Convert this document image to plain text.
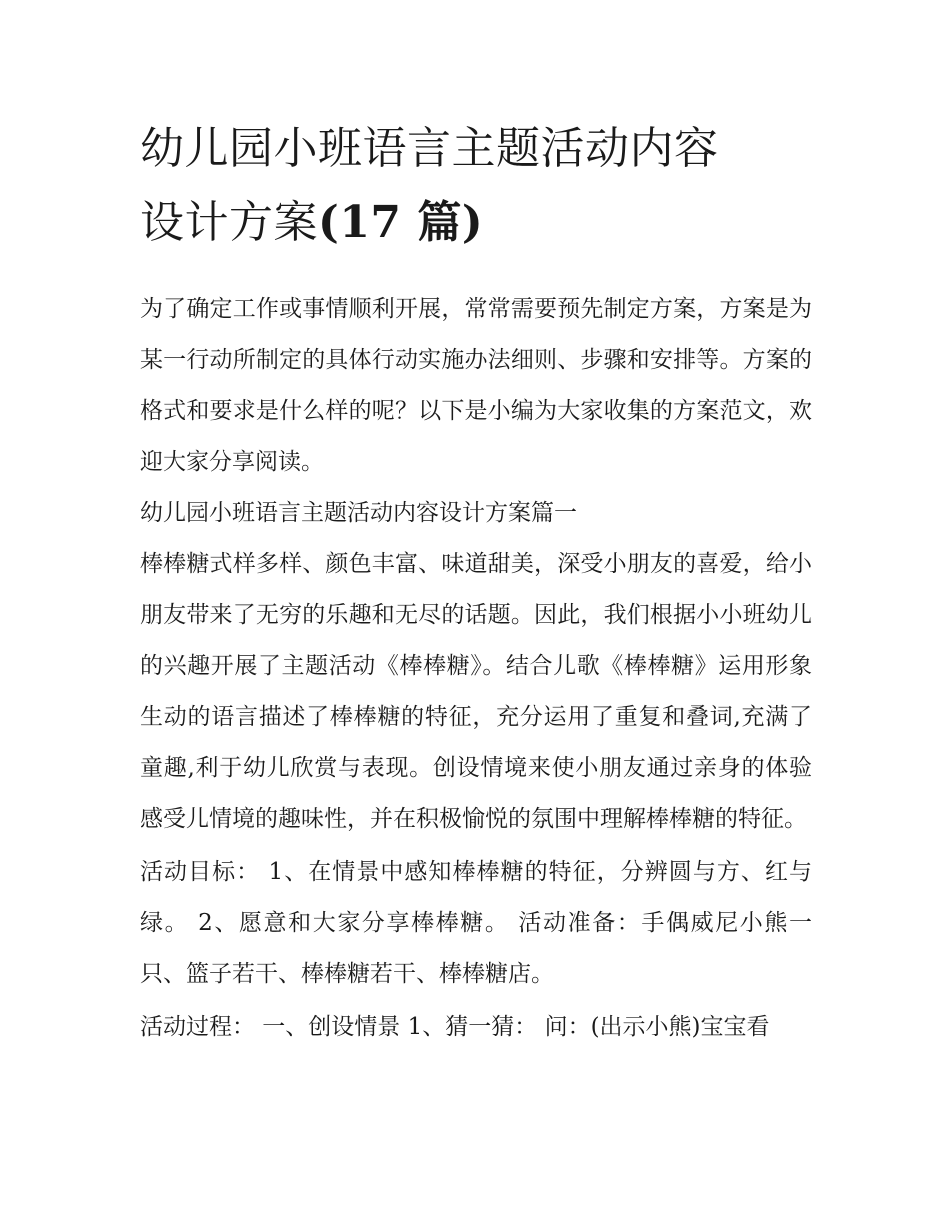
幼儿园小班语言主题活动内容
设计方案(17 篇)

为了确定工作或事情顺利开展，常常需要预先制定方案，方案是为某一行动所制定的具体行动实施办法细则、步骤和安排等。方案的格式和要求是什么样的呢？以下是小编为大家收集的方案范文，欢迎大家分享阅读。

幼儿园小班语言主题活动内容设计方案篇一

棒棒糖式样多样、颜色丰富、味道甜美，深受小朋友的喜爱，给小朋友带来了无穷的乐趣和无尽的话题。因此，我们根据小小班幼儿的兴趣开展了主题活动《棒棒糖》。结合儿歌《棒棒糖》运用形象生动的语言描述了棒棒糖的特征，充分运用了重复和叠词,充满了童趣,利于幼儿欣赏与表现。创设情境来使小朋友通过亲身的体验感受儿情境的趣味性，并在积极愉悦的氛围中理解棒棒糖的特征。

活动目标： 1、在情景中感知棒棒糖的特征，分辨圆与方、红与绿。 2、愿意和大家分享棒棒糖。 活动准备：手偶威尼小熊一只、篮子若干、棒棒糖若干、棒棒糖店。

活动过程： 一、创设情景 1、猜一猜： 问：(出示小熊)宝宝看
